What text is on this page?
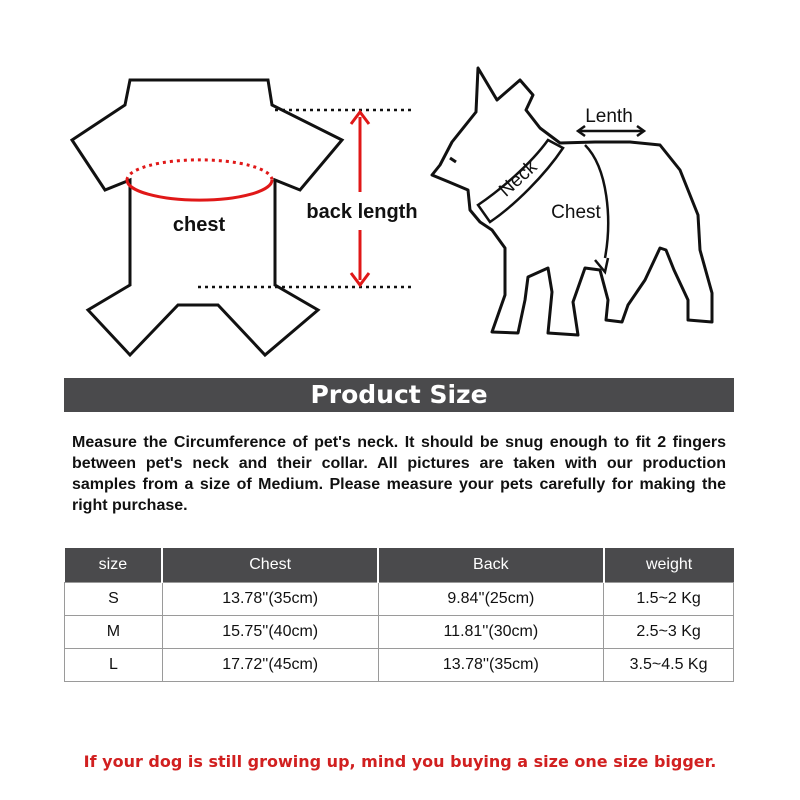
chest
back length
Neck
Chest
Lenth
Product Size

Measure the Circumference of pet's neck. It should be snug enough to fit 2 fingers between pet's neck and their collar. All pictures are taken with our production samples from a size of Medium. Please measure your pets carefully for making the right purchase.

size	Chest	Back	weight
S	13.78''(35cm)	9.84''(25cm)	1.5~2 Kg
M	15.75''(40cm)	11.81''(30cm)	2.5~3 Kg
L	17.72''(45cm)	13.78''(35cm)	3.5~4.5 Kg
If your dog is still growing up, mind you buying a size one size bigger.
